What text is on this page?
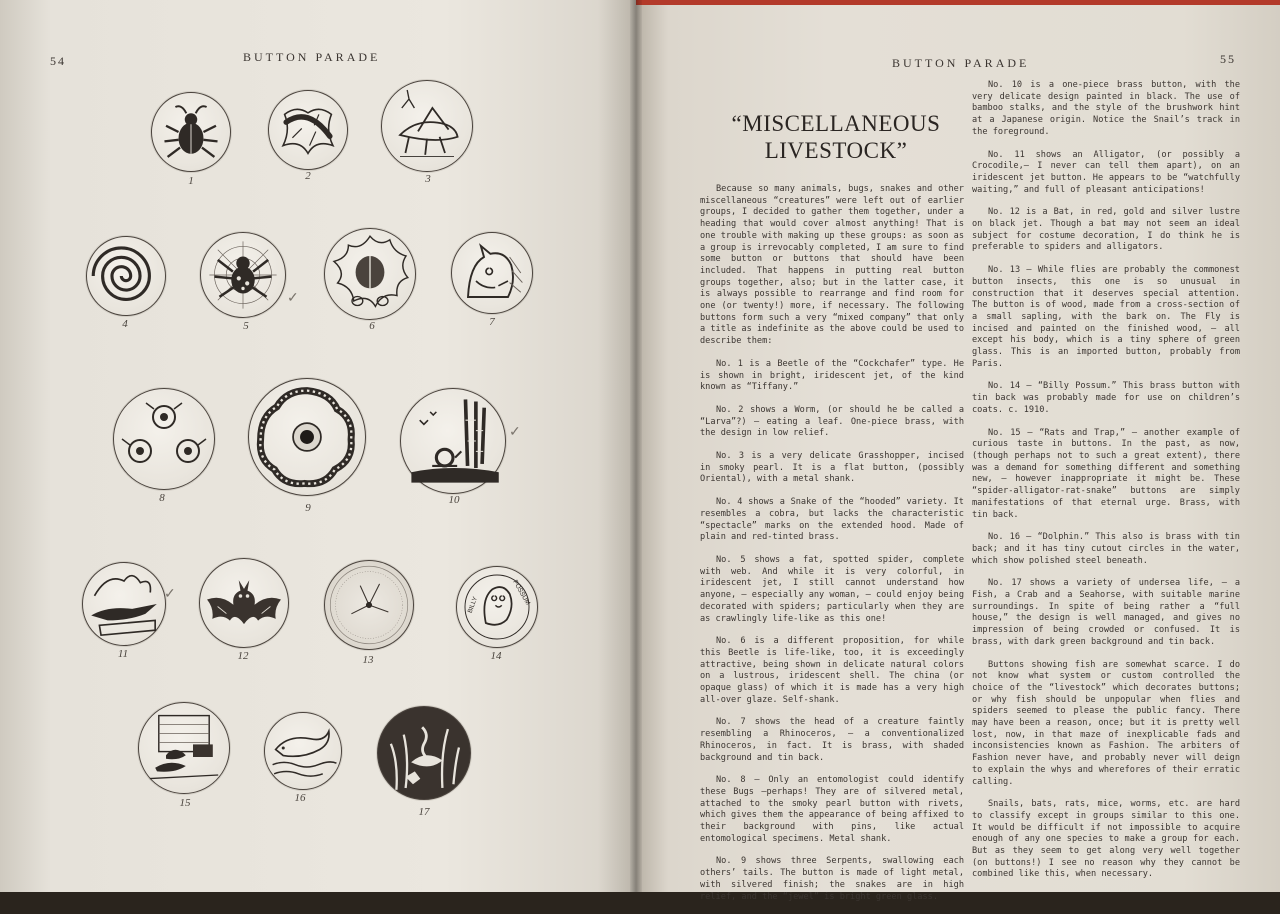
54	BUTTON PARADE
1	2	3
4	5
✓
6	7
8
9
10
✓
11
✓
12	13
BILLY	POSSUM
14
15	16
17
BUTTON PARADE	55
“MISCELLANEOUS
LIVESTOCK”

Because so many animals, bugs, snakes and other miscellaneous “creatures” were left out of earlier groups, I decided to gather them together, under a heading that would cover almost anything! That is one trouble with making up these groups: as soon as a group is irrevocably completed, I am sure to find some button or buttons that should have been included. That happens in putting real button groups together, also; but in the latter case, it is always possible to rearrange and find room for one (or twenty!) more, if necessary. The following buttons form such a very “mixed company” that only a title as indefinite as the above could be used to describe them:

No. 1 is a Beetle of the “Cockchafer” type. He is shown in bright, iridescent jet, of the kind known as “Tiffany.”

No. 2 shows a Worm, (or should he be called a “Larva”?) — eating a leaf. One-piece brass, with the design in low relief.

No. 3 is a very delicate Grasshopper, incised in smoky pearl. It is a flat button, (possibly Oriental), with a metal shank.

No. 4 shows a Snake of the “hooded” variety. It resembles a cobra, but lacks the characteristic “spectacle” marks on the extended hood. Made of plain and red-tinted brass.

No. 5 shows a fat, spotted spider, complete with web. And while it is very colorful, in iridescent jet, I still cannot understand how anyone, — especially any woman, — could enjoy being decorated with spiders; particularly when they are as crawlingly life-like as this one!

No. 6 is a different proposition, for while this Beetle is life-like, too, it is exceedingly attractive, being shown in delicate natural colors on a lustrous, iridescent shell. The china (or opaque glass) of which it is made has a very high all-over glaze. Self-shank.

No. 7 shows the head of a creature faintly resembling a Rhinoceros, — a conventionalized Rhinoceros, in fact. It is brass, with shaded background and tin back.

No. 8 — Only an entomologist could identify these Bugs —perhaps! They are of silvered metal, attached to the smoky pearl button with rivets, which gives them the appearance of being affixed to their background with pins, like actual entomological specimens. Metal shank.

No. 9 shows three Serpents, swallowing each others’ tails. The button is made of light metal, with silvered finish; the snakes are in high relief, and the “jewel” is bright green glass.

No. 10 is a one-piece brass button, with the very delicate design painted in black. The use of bamboo stalks, and the style of the brushwork hint at a Japanese origin. Notice the Snail’s track in the foreground.

No. 11 shows an Alligator, (or possibly a Crocodile,— I never can tell them apart), on an iridescent jet button. He appears to be “watchfully waiting,” and full of pleasant anticipations!

No. 12 is a Bat, in red, gold and silver lustre on black jet. Though a bat may not seem an ideal subject for costume decoration, I do think he is preferable to spiders and alligators.

No. 13 — While flies are probably the commonest button insects, this one is so unusual in construction that it deserves special attention. The button is of wood, made from a cross-section of a small sapling, with the bark on. The Fly is incised and painted on the finished wood, — all except his body, which is a tiny sphere of green glass. This is an imported button, probably from Paris.

No. 14 — “Billy Possum.” This brass button with tin back was probably made for use on children’s coats. c. 1910.

No. 15 — “Rats and Trap,” — another example of curious taste in buttons. In the past, as now, (though perhaps not to such a great extent), there was a demand for something different and something new, — however inappropriate it might be. These “spider-alligator-rat-snake” buttons are simply manifestations of that eternal urge. Brass, with tin back.

No. 16 — “Dolphin.” This also is brass with tin back; and it has tiny cutout circles in the water, which show polished steel beneath.

No. 17 shows a variety of undersea life, — a Fish, a Crab and a Seahorse, with suitable marine surroundings. In spite of being rather a “full house,” the design is well managed, and gives no impression of being crowded or confused. It is brass, with dark green background and tin back.

Buttons showing fish are somewhat scarce. I do not know what system or custom controlled the choice of the “livestock” which decorates buttons; or why fish should be unpopular when flies and spiders seemed to please the public fancy. There may have been a reason, once; but it is pretty well lost, now, in that maze of inexplicable fads and inconsistencies known as Fashion. The arbiters of Fashion never have, and probably never will deign to explain the whys and wherefores of their erratic calling.

Snails, bats, rats, mice, worms, etc. are hard to classify except in groups similar to this one. It would be difficult if not impossible to acquire enough of any one species to make a group for each. But as they seem to get along very well together (on buttons!) I see no reason why they cannot be combined like this, when necessary.
